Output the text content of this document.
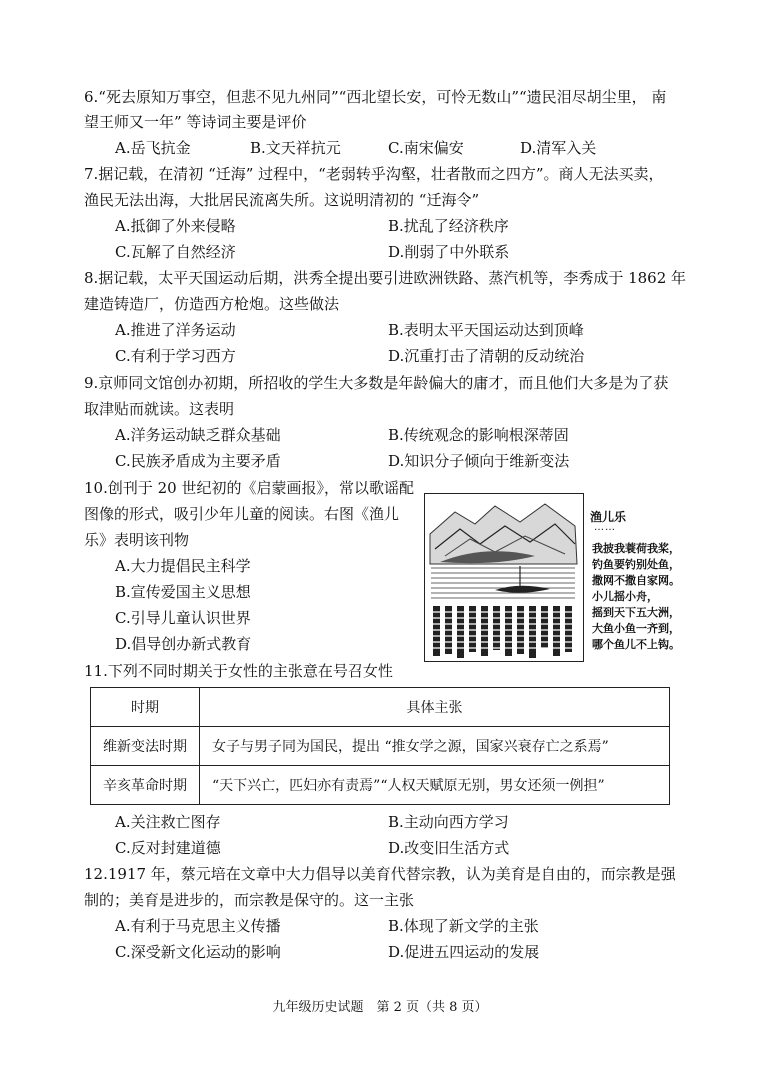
6.“死去原知万事空，但悲不见九州同”“西北望长安，可怜无数山”“遗民泪尽胡尘里， 南
望王师又一年” 等诗词主要是评价
A.岳飞抗金	B.文天祥抗元	C.南宋偏安	D.清军入关
7.据记载，在清初 “迁海” 过程中，“老弱转乎沟壑，壮者散而之四方”。商人无法买卖，
渔民无法出海，大批居民流离失所。这说明清初的 “迁海令”
A.抵御了外来侵略	B.扰乱了经济秩序
C.瓦解了自然经济	D.削弱了中外联系
8.据记载，太平天国运动后期，洪秀全提出要引进欧洲铁路、蒸汽机等，李秀成于 1862 年
建造铸造厂，仿造西方枪炮。这些做法
A.推进了洋务运动	B.表明太平天国运动达到顶峰
C.有利于学习西方	D.沉重打击了清朝的反动统治
9.京师同文馆创办初期，所招收的学生大多数是年龄偏大的庸才，而且他们大多是为了获
取津贴而就读。这表明
A.洋务运动缺乏群众基础	B.传统观念的影响根深蒂固
C.民族矛盾成为主要矛盾	D.知识分子倾向于维新变法
10.创刊于 20 世纪初的《启蒙画报》，常以歌谣配
图像的形式，吸引少年儿童的阅读。右图《渔儿
乐》表明该刊物
A.大力提倡民主科学
B.宣传爱国主义思想
C.引导儿童认识世界
D.倡导创办新式教育
渔儿乐
……
我披我蓑荷我桨，
钓鱼要钓别处鱼，
撒网不撒自家网。
小儿摇小舟，
摇到天下五大洲，
大鱼小鱼一齐到，
哪个鱼儿不上钩。
11.下列不同时期关于女性的主张意在号召女性
时期	具体主张
维新变法时期	女子与男子同为国民，提出 “推女学之源，国家兴衰存亡之系焉”
辛亥革命时期	“天下兴亡，匹妇亦有责焉”“人权天赋原无别，男女还须一例担”
A.关注救亡图存	B.主动向西方学习
C.反对封建道德	D.改变旧生活方式
12.1917 年，蔡元培在文章中大力倡导以美育代替宗教，认为美育是自由的，而宗教是强
制的；美育是进步的，而宗教是保守的。这一主张
A.有利于马克思主义传播	B.体现了新文学的主张
C.深受新文化运动的影响	D.促进五四运动的发展
九年级历史试题　第 2 页（共 8 页）
